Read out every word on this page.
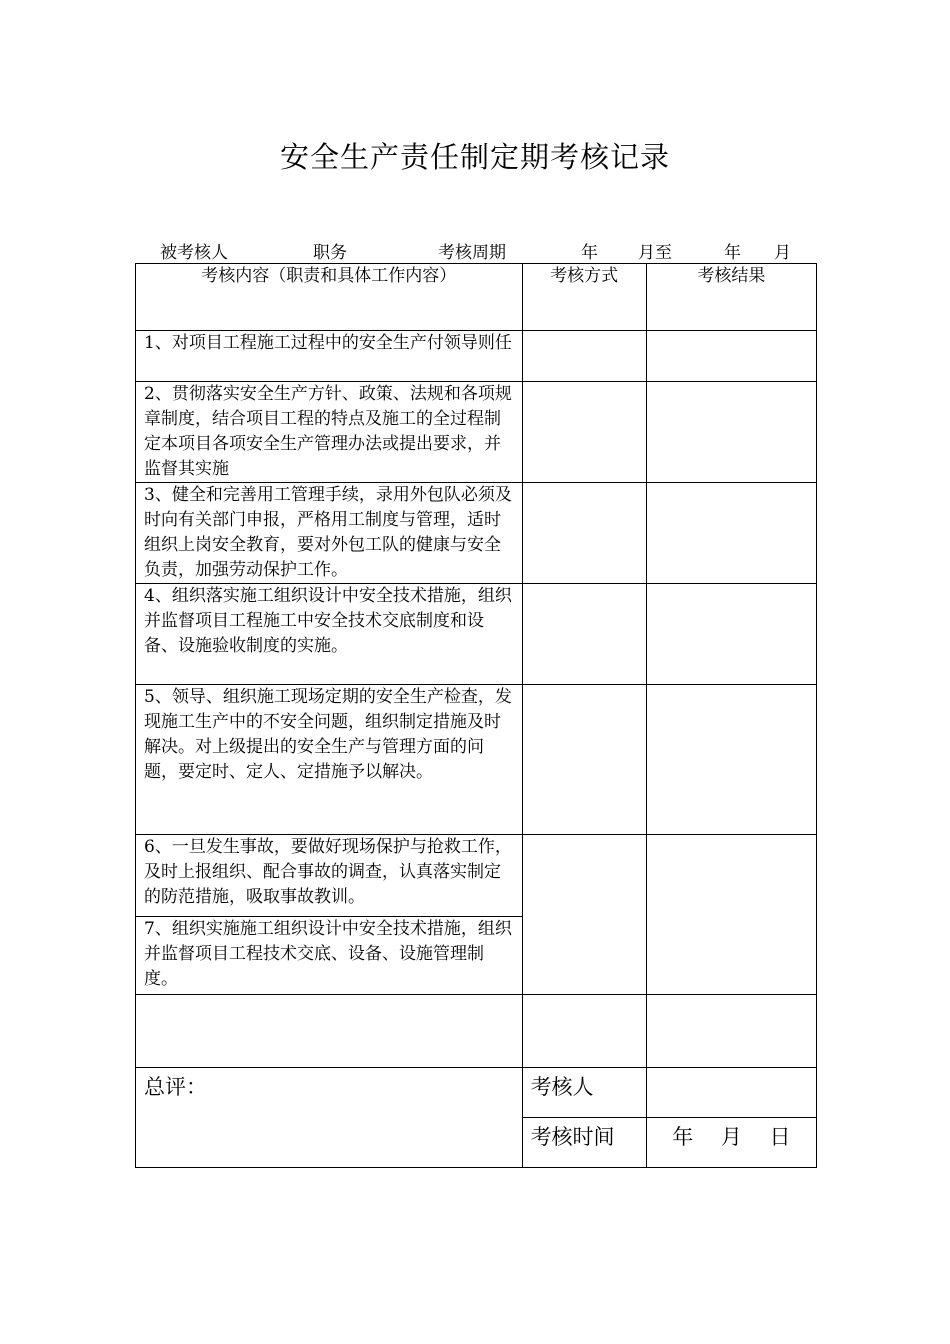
安全生产责任制定期考核记录
被考核人	职务	考核周期	年 月至	年 月
考核内容（职责和具体工作内容）	考核方式	考核结果
1、对项目工程施工过程中的安全生产付领导则任		
2、贯彻落实安全生产方针、政策、法规和各项规章制度，结合项目工程的特点及施工的全过程制定本项目各项安全生产管理办法或提出要求，并监督其实施		
3、健全和完善用工管理手续，录用外包队必须及时向有关部门申报，严格用工制度与管理，适时组织上岗安全教育，要对外包工队的健康与安全负责，加强劳动保护工作。		
4、组织落实施工组织设计中安全技术措施，组织并监督项目工程施工中安全技术交底制度和设备、设施验收制度的实施。		
5、领导、组织施工现场定期的安全生产检查，发现施工生产中的不安全问题，组织制定措施及时解决。对上级提出的安全生产与管理方面的问题，要定时、定人、定措施予以解决。		
6、一旦发生事故，要做好现场保护与抢救工作，及时上报组织、配合事故的调查，认真落实制定的防范措施，吸取事故教训。		
7、组织实施施工组织设计中安全技术措施，组织并监督项目工程技术交底、设备、设施管理制度。		

总评：	考核人	
	考核时间	年　 月　 日
